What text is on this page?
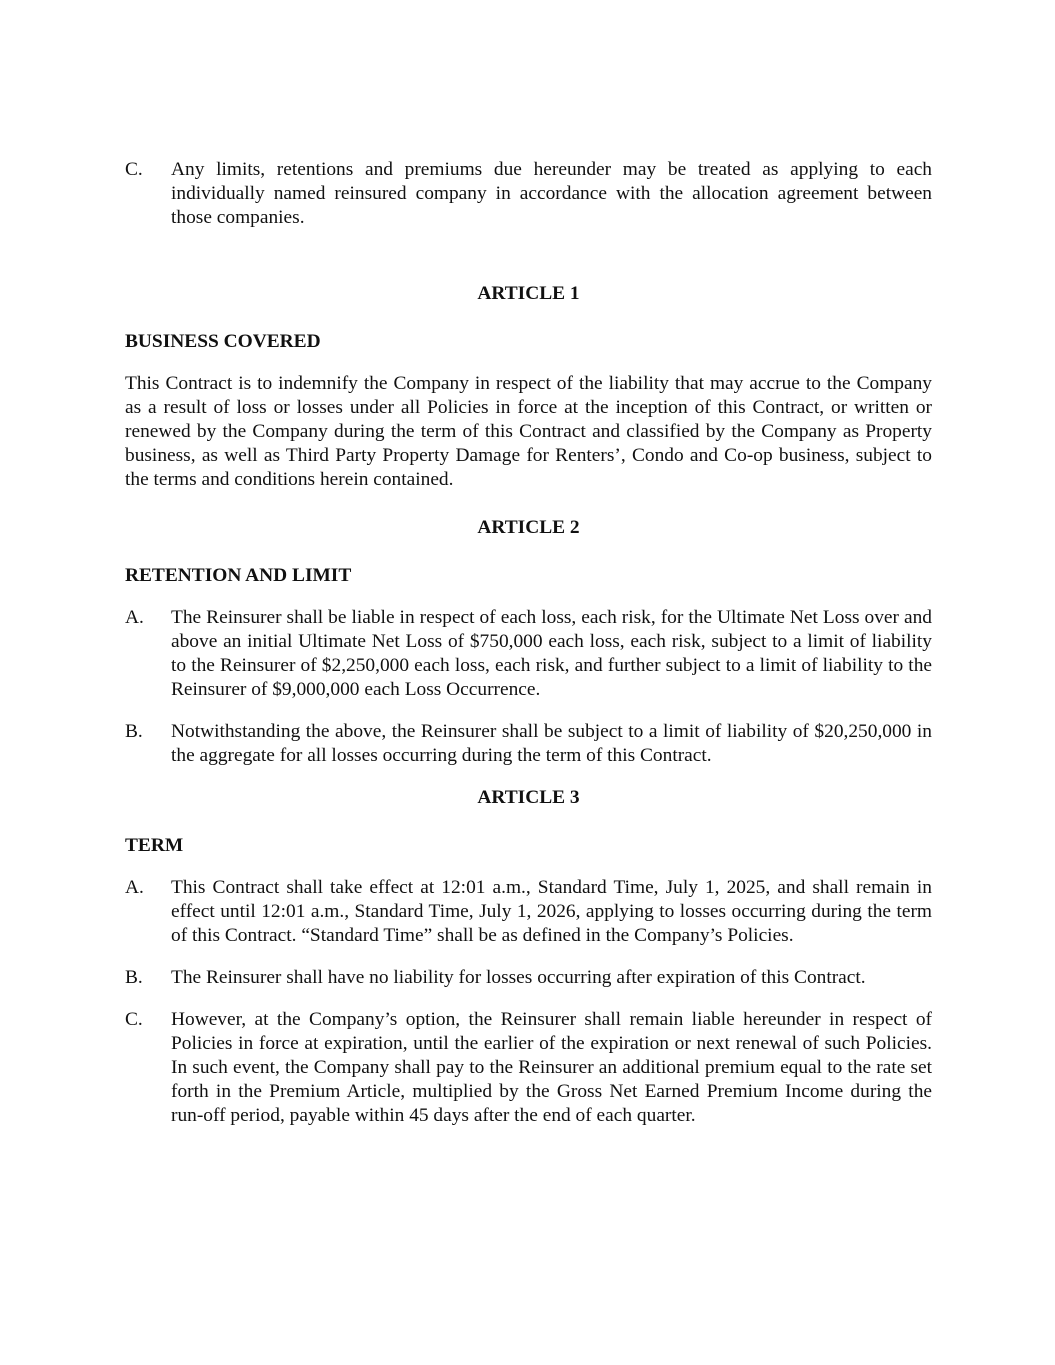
C.	Any limits, retentions and premiums due hereunder may be treated as applying to each individually named reinsured company in accordance with the allocation agreement between those companies.

ARTICLE 1

BUSINESS COVERED

This Contract is to indemnify the Company in respect of the liability that may accrue to the Company as a result of loss or losses under all Policies in force at the inception of this Contract, or written or renewed by the Company during the term of this Contract and classified by the Company as Property business, as well as Third Party Property Damage for Renters’, Condo and Co-op business, subject to the terms and conditions herein contained.

ARTICLE 2

RETENTION AND LIMIT

A.	The Reinsurer shall be liable in respect of each loss, each risk, for the Ultimate Net Loss over and above an initial Ultimate Net Loss of $750,000 each loss, each risk, subject to a limit of liability to the Reinsurer of $2,250,000 each loss, each risk, and further subject to a limit of liability to the Reinsurer of $9,000,000 each Loss Occurrence.
B.	Notwithstanding the above, the Reinsurer shall be subject to a limit of liability of $20,250,000 in the aggregate for all losses occurring during the term of this Contract.

ARTICLE 3

TERM

A.	This Contract shall take effect at 12:01 a.m., Standard Time, July 1, 2025, and shall remain in effect until 12:01 a.m., Standard Time, July 1, 2026, applying to losses occurring during the term of this Contract. “Standard Time” shall be as defined in the Company’s Policies.
B.	The Reinsurer shall have no liability for losses occurring after expiration of this Contract.
C.	However, at the Company’s option, the Reinsurer shall remain liable hereunder in respect of Policies in force at expiration, until the earlier of the expiration or next renewal of such Policies. In such event, the Company shall pay to the Reinsurer an additional premium equal to the rate set forth in the Premium Article, multiplied by the Gross Net Earned Premium Income during the run-off period, payable within 45 days after the end of each quarter.
